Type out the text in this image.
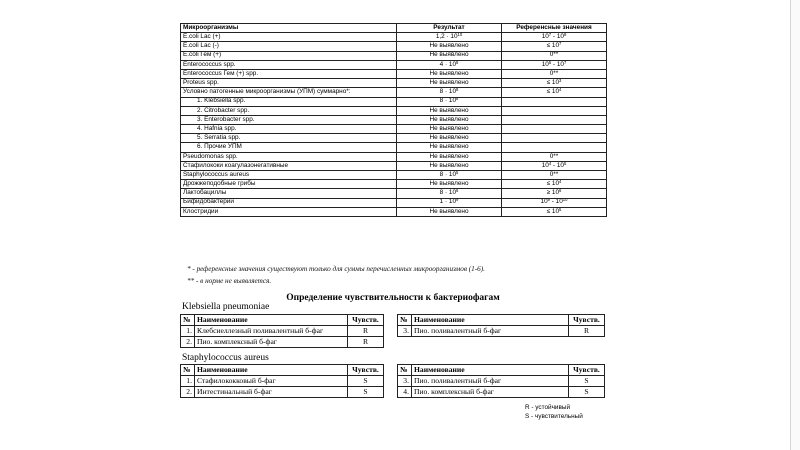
Микроорганизмы	Результат	Референсные значения
E.coli Lac (+)	$1,2 \cdot 10^{10}$	$10^7 - 10^8$
E.coli Lac (-)	Не выявлено	≤ $10^7$
E.coli Гем (+)	Не выявлено	0**
Enterococcus spp.	$4 \cdot 10^8$	$10^5 - 10^7$
Enterococcus Гем (+) spp.	Не выявлено	0**
Proteus spp.	Не выявлено	≤ $10^3$
Условно патогенные микроорганизмы (УПМ) суммарно*:	$8 \cdot 10^8$	≤ $10^4$
1. Klebsiella spp.	$8 \cdot 10^8$	
2. Citrobacter spp.	Не выявлено	
3. Enterobacter spp.	Не выявлено	
4. Hafnia spp.	Не выявлено	
5. Serratia spp.	Не выявлено	
6. Прочие УПМ	Не выявлено	
Pseudomonas spp.	Не выявлено	0**
Стафилококи коагулазонегативные	Не выявлено	$10^4 - 10^5$
Staphylococcus aureus	$8 \cdot 10^5$	0**
Дрожжеподобные грибы	Не выявлено	≤ $10^4$
Лактобациллы	$8 \cdot 10^6$	≥ $10^6$
Бифидобактерии	$1 \cdot 10^9$	$10^9 - 10^{10}$
Клостридии	Не выявлено	≤ $10^5$
* - референсные значения существуют только для суммы перечисленных микроорганизмов (1-6).
** - в норме не выявляется.
Определение чувствительности к бактериофагам
Klebsiella pneumoniae
№	Наименование	Чувств.
1.	Клебсиеллезный поливалентный б-фаг	R
2.	Пио. комплексный б-фаг	R
№	Наименование	Чувств.
3.	Пио. поливалентный б-фаг	R
Staphylococcus aureus
№	Наименование	Чувств.
1.	Стафилококковый б-фаг	S
2.	Интестинальный б-фаг	S
№	Наименование	Чувств.
3.	Пио. поливалентный б-фаг	S
4.	Пио. комплексный б-фаг	S
R - устойчивый
S - чувствительный
